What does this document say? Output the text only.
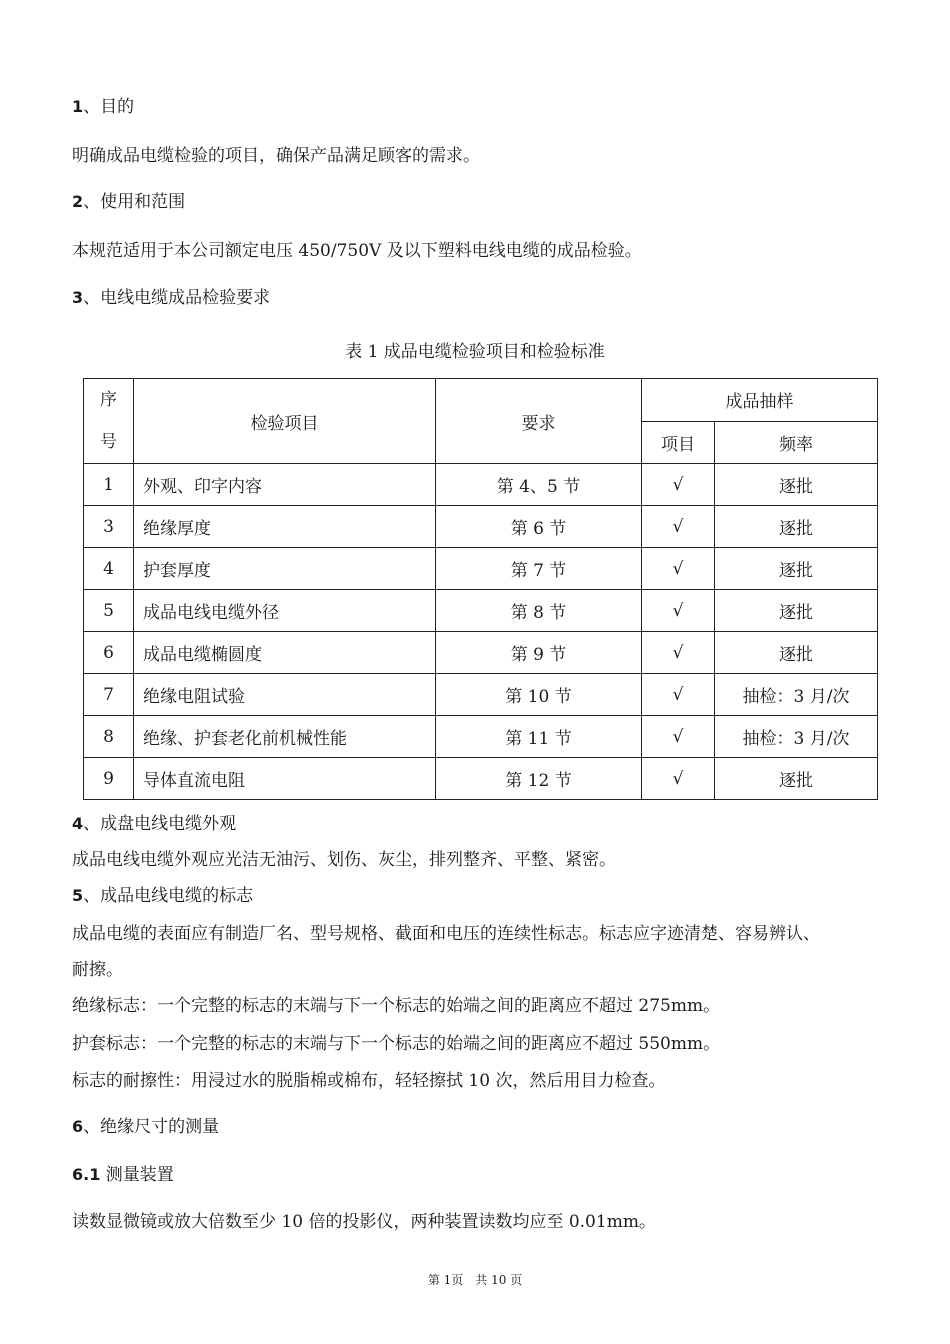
1、目的
明确成品电缆检验的项目，确保产品满足顾客的需求。
2、使用和范围
本规范适用于本公司额定电压 450/750V 及以下塑料电线电缆的成品检验。
3、电线电缆成品检验要求
表 1 成品电缆检验项目和检验标准
序
号	检验项目	要求	成品抽样	
			项目	频率
1	外观、印字内容	第 4、5 节	√	逐批
3	绝缘厚度	第 6 节	√	逐批
4	护套厚度	第 7 节	√	逐批
5	成品电线电缆外径	第 8 节	√	逐批
6	成品电缆椭圆度	第 9 节	√	逐批
7	绝缘电阻试验	第 10 节	√	抽检：3 月/次
8	绝缘、护套老化前机械性能	第 11 节	√	抽检：3 月/次
9	导体直流电阻	第 12 节	√	逐批
4、成盘电线电缆外观
成品电线电缆外观应光洁无油污、划伤、灰尘，排列整齐、平整、紧密。
5、成品电线电缆的标志
成品电缆的表面应有制造厂名、型号规格、截面和电压的连续性标志。标志应字迹清楚、容易辨认、
耐擦。
绝缘标志：一个完整的标志的末端与下一个标志的始端之间的距离应不超过 275mm。
护套标志：一个完整的标志的末端与下一个标志的始端之间的距离应不超过 550mm。
标志的耐擦性：用浸过水的脱脂棉或棉布，轻轻擦拭 10 次，然后用目力检查。
6、绝缘尺寸的测量
6.1 测量装置
读数显微镜或放大倍数至少 10 倍的投影仪，两种装置读数均应至 0.01mm。
第 1页　共 10 页
